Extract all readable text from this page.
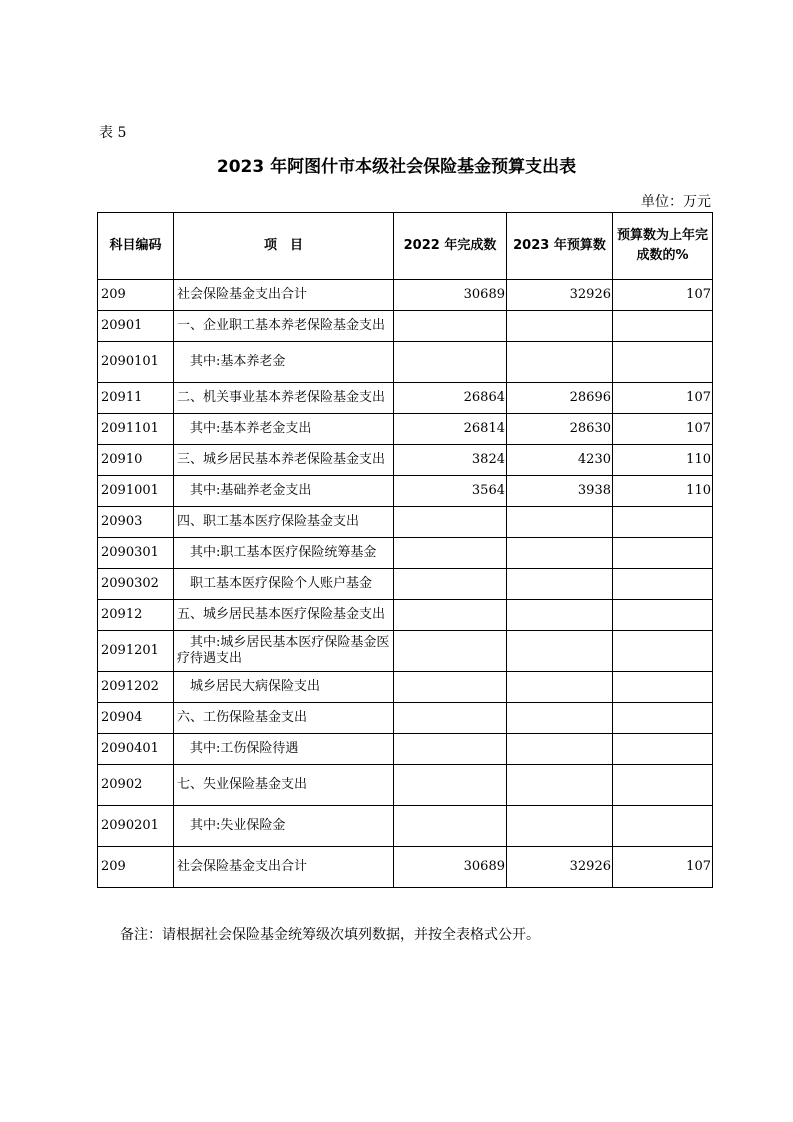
表 5
2023 年阿图什市本级社会保险基金预算支出表
单位：万元
科目编码	项　目	2022 年完成数	2023 年预算数	预算数为上年完成数的%
209	社会保险基金支出合计	30689	32926	107
20901	一、企业职工基本养老保险基金支出			
2090101	其中:基本养老金			
20911	二、机关事业基本养老保险基金支出	26864	28696	107
2091101	其中:基本养老金支出	26814	28630	107
20910	三、城乡居民基本养老保险基金支出	3824	4230	110
2091001	其中:基础养老金支出	3564	3938	110
20903	四、职工基本医疗保险基金支出			
2090301	其中:职工基本医疗保险统筹基金			
2090302	职工基本医疗保险个人账户基金			
20912	五、城乡居民基本医疗保险基金支出			
2091201	其中:城乡居民基本医疗保险基金医疗待遇支出			
2091202	城乡居民大病保险支出			
20904	六、工伤保险基金支出			
2090401	其中:工伤保险待遇			
20902	七、失业保险基金支出			
2090201	其中:失业保险金			
209	社会保险基金支出合计	30689	32926	107
备注：请根据社会保险基金统筹级次填列数据，并按全表格式公开。
